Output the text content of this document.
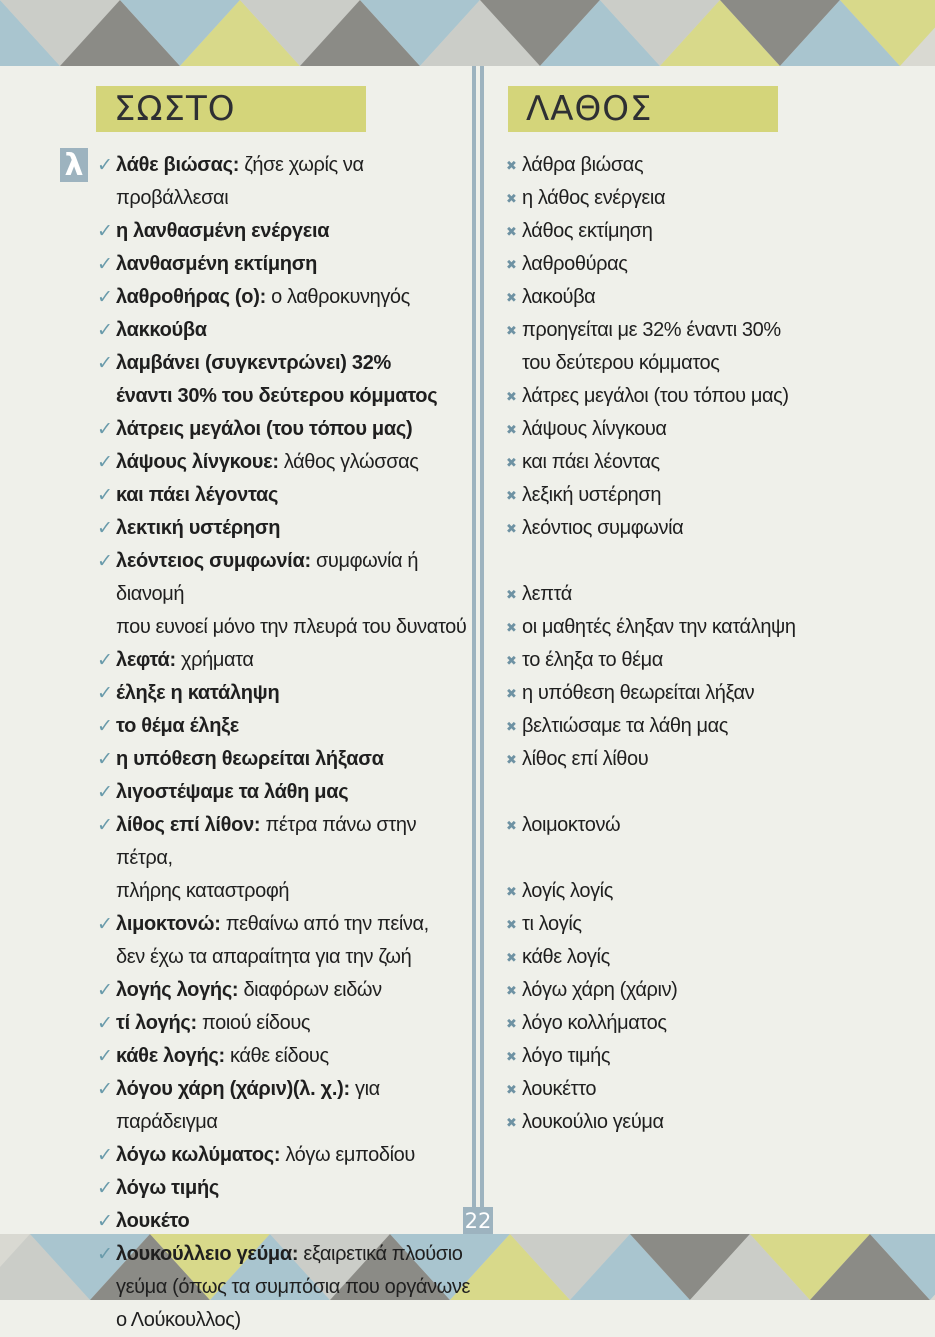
ΣΩΣΤΟ	ΛΑΘΟΣ
λ ✓ λάθε βιώσας: ζήσε χωρίς να προβάλλεσαι
✓ η λανθασμένη ενέργεια
✓ λανθασμένη εκτίμηση
✓ λαθροθήρας (ο): ο λαθροκυνηγός
✓ λακκούβα
✓ λαμβάνει (συγκεντρώνει) 32%
έναντι 30% του δεύτερου κόμματος
✓ λάτρεις μεγάλοι (του τόπου μας)
✓ λάψους λίνγκουε: λάθος γλώσσας
✓ και πάει λέγοντας
✓ λεκτική υστέρηση
✓ λεόντειος συμφωνία: συμφωνία ή διανομή
που ευνοεί μόνο την πλευρά του δυνατού
✓ λεφτά: χρήματα
✓ έληξε η κατάληψη
✓ το θέμα έληξε
✓ η υπόθεση θεωρείται λήξασα
✓ λιγοστέψαμε τα λάθη μας
✓ λίθος επί λίθον: πέτρα πάνω στην πέτρα,
πλήρης καταστροφή
✓ λιμοκτονώ: πεθαίνω από την πείνα,
δεν έχω τα απαραίτητα για την ζωή
✓ λογής λογής: διαφόρων ειδών
✓ τί λογής: ποιού είδους
✓ κάθε λογής: κάθε είδους
✓ λόγου χάρη (χάριν)(λ. χ.): για παράδειγμα
✓ λόγω κωλύματος: λόγω εμποδίου
✓ λόγω τιμής
✓ λουκέτο
✓ λουκούλλειο γεύμα: εξαιρετικά πλούσιο
γεύμα (όπως τα συμπόσια που οργάνωνε
ο Λούκουλλος)
✖ λάθρα βιώσας
✖ η λάθος ενέργεια
✖ λάθος εκτίμηση
✖ λαθροθύρας
✖ λακούβα
✖ προηγείται με 32% έναντι 30%
του δεύτερου κόμματος
✖ λάτρες μεγάλοι (του τόπου μας)
✖ λάψους λίνγκουα
✖ και πάει λέοντας
✖ λεξική υστέρηση
✖ λεόντιος συμφωνία
✖ λεπτά
✖ οι μαθητές έληξαν την κατάληψη
✖ το έληξα το θέμα
✖ η υπόθεση θεωρείται λήξαν
✖ βελτιώσαμε τα λάθη μας
✖ λίθος επί λίθου
✖ λοιμοκτονώ
✖ λογίς λογίς
✖ τι λογίς
✖ κάθε λογίς
✖ λόγω χάρη (χάριν)
✖ λόγο κολλήματος
✖ λόγο τιμής
✖ λουκέττο
✖ λουκούλιο γεύμα
22
